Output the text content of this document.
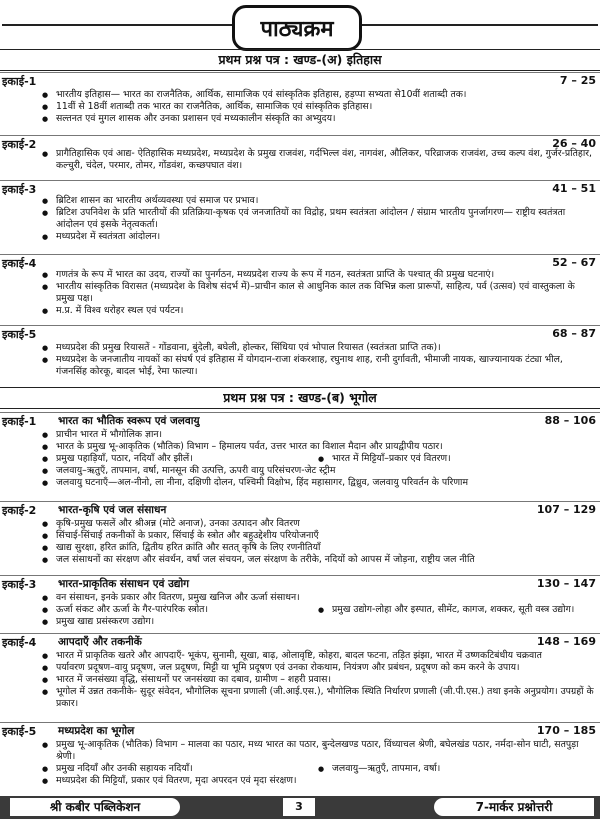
पाठ्यक्रम
प्रथम प्रश्न पत्र : खण्ड-(अ) इतिहास
इकाई-1	7 – 25
● भारतीय इतिहास— भारत का राजनैतिक, आर्थिक, सामाजिक एवं सांस्कृतिक इतिहास, हड़प्पा सभ्यता से10वीं शताब्दी तक।
● 11वीं से 18वीं शताब्दी तक भारत का राजनैतिक, आर्थिक, सामाजिक एवं सांस्कृतिक इतिहास।
● सल्तनत एवं मुगल शासक और उनका प्रशासन एवं मध्यकालीन संस्कृति का अभ्युदय।
इकाई-2	26 – 40
● प्रागैतिहासिक एवं आद्य- ऐतिहासिक मध्यप्रदेश, मध्यप्रदेश के प्रमुख राजवंश, गर्दभिल्ल वंश, नागवंश, औलिकर, परिव्राजक राजवंश, उच्च कल्प वंश, गुर्जर-प्रतिहार, कल्चुरी, चंदेल, परमार, तोमर, गोंडवंश, कच्छपघात वंश।
इकाई-3	41 – 51
● ब्रिटिश शासन का भारतीय अर्थव्यवस्था एवं समाज पर प्रभाव।
● ब्रिटिश उपनिवेश के प्रति भारतीयों की प्रतिक्रिया-कृषक एवं जनजातियों का विद्रोह, प्रथम स्वतंत्रता आंदोलन / संग्राम भारतीय पुनर्जागरण— राष्ट्रीय स्वतंत्रता आंदोलन एवं इसके नेतृत्वकर्ता।
● मध्यप्रदेश में स्वतंत्रता आंदोलन।
इकाई-4	52 – 67
● गणतंत्र के रूप में भारत का उदय, राज्यों का पुनर्गठन, मध्यप्रदेश राज्य के रूप में गठन, स्वतंत्रता प्राप्ति के पश्चात् की प्रमुख घटनाएं।
● भारतीय सांस्कृतिक विरासत (मध्यप्रदेश के विशेष संदर्भ में)–प्राचीन काल से आधुनिक काल तक विभिन्न कला प्रारूपों, साहित्य, पर्व (उत्सव) एवं वास्तुकला के प्रमुख पक्ष।
● म.प्र. में विश्व धरोहर स्थल एवं पर्यटन।
इकाई-5	68 – 87
● मध्यप्रदेश की प्रमुख रियासतें - गोंडवाना, बुंदेली, बघेली, होल्कर, सिंधिया एवं भोपाल रियासत (स्वतंत्रता प्राप्ति तक)।
● मध्यप्रदेश के जनजातीय नायकों का संघर्ष एवं इतिहास में योगदान-राजा शंकरशाह, रघुनाथ शाह, रानी दुर्गावती, भीमाजी नायक, खाज्यानायक टंट्या भील, गंजनसिंह कोरकू, बादल भोई, रेमा फाल्या।
प्रथम प्रश्न पत्र : खण्ड-(ब) भूगोल
इकाई-1	88 – 106
भारत का भौतिक स्वरूप एवं जलवायु
● प्राचीन भारत में भौगोलिक ज्ञान।
● भारत के प्रमुख भू-आकृतिक (भौतिक) विभाग – हिमालय पर्वत, उत्तर भारत का विशाल मैदान और प्रायद्वीपीय पठार।
● प्रमुख पहाड़ियाँ, पठार, नदियाँ और झीलें।	● भारत में मिट्टियाँ–प्रकार एवं वितरण।
● जलवायु–ऋतुएँ, तापमान, वर्षा, मानसून की उत्पत्ति, ऊपरी वायु परिसंचरण-जेट स्ट्रीम
● जलवायु घटनाएँ—अल-नीनो, ला नीना, दक्षिणी दोलन, पश्चिमी विक्षोभ, हिंद महासागर, द्विध्रुव, जलवायु परिवर्तन के परिणाम
इकाई-2	107 – 129
भारत-कृषि एवं जल संसाधन
● कृषि-प्रमुख फसलें और श्रीअन्न (मोटे अनाज), उनका उत्पादन और वितरण
● सिंचाई-सिंचाई तकनीकों के प्रकार, सिंचाई के स्त्रोत और बहुउद्देशीय परियोजनाएँ
● खाद्य सुरक्षा, हरित क्रांति, द्वितीय हरित क्रांति और सतत् कृषि के लिए रणनीतियाँ
● जल संसाधनों का संरक्षण और संवर्धन, वर्षा जल संचयन, जल संरक्षण के तरीके, नदियों को आपस में जोड़ना, राष्ट्रीय जल नीति
इकाई-3	130 – 147
भारत-प्राकृतिक संसाधन एवं उद्योग
● वन संसाधन, इनके प्रकार और वितरण, प्रमुख खनिज और ऊर्जा संसाधन।
● ऊर्जा संकट और ऊर्जा के गैर-पारंपरिक स्त्रोत।	● प्रमुख उद्योग-लोहा और इस्पात, सीमेंट, कागज, शक्कर, सूती वस्त्र उद्योग।
● प्रमुख खाद्य प्रसंस्करण उद्योग।
इकाई-4	148 – 169
आपदाएँ और तकनीकें
● भारत में प्राकृतिक खतरे और आपदाएँ- भूकंप, सुनामी, सूखा, बाढ़, ओलावृष्टि, कोहरा, बादल फटना, तड़ित झंझा, भारत में उष्णकटिबंधीय चक्रवात
● पर्यावरण प्रदूषण–वायु प्रदूषण, जल प्रदूषण, मिट्टी या भूमि प्रदूषण एवं उनका रोकथाम, नियंत्रण और प्रबंधन, प्रदूषण को कम करने के उपाय।
● भारत में जनसंख्या वृद्धि, संसाधनों पर जनसंख्या का दबाव, ग्रामीण – शहरी प्रवास।
● भूगोल में उन्नत तकनीके- सुदूर संवेदन, भौगोलिक सूचना प्रणाली (जी.आई.एस.), भौगोलिक स्थिति निर्धारण प्रणाली (जी.पी.एस.) तथा इनके अनुप्रयोग। उपग्रहों के प्रकार।
इकाई-5	170 – 185
मध्यप्रदेश का भूगोल
● प्रमुख भू-आकृतिक (भौतिक) विभाग – मालवा का पठार, मध्य भारत का पठार, बुन्देलखण्ड पठार, विंध्याचल श्रेणी, बघेलखंड पठार, नर्मदा-सोन घाटी, सतपुड़ा श्रेणी।
● प्रमुख नदियाँ और उनकी सहायक नदियाँ।	● जलवायु—ऋतुएँ, तापमान, वर्षा।
● मध्यप्रदेश की मिट्टियाँ, प्रकार एवं वितरण, मृदा अपरदन एवं मृदा संरक्षण।
श्री कबीर पब्लिकेशन	3	7-मार्कर प्रश्नोत्तरी
